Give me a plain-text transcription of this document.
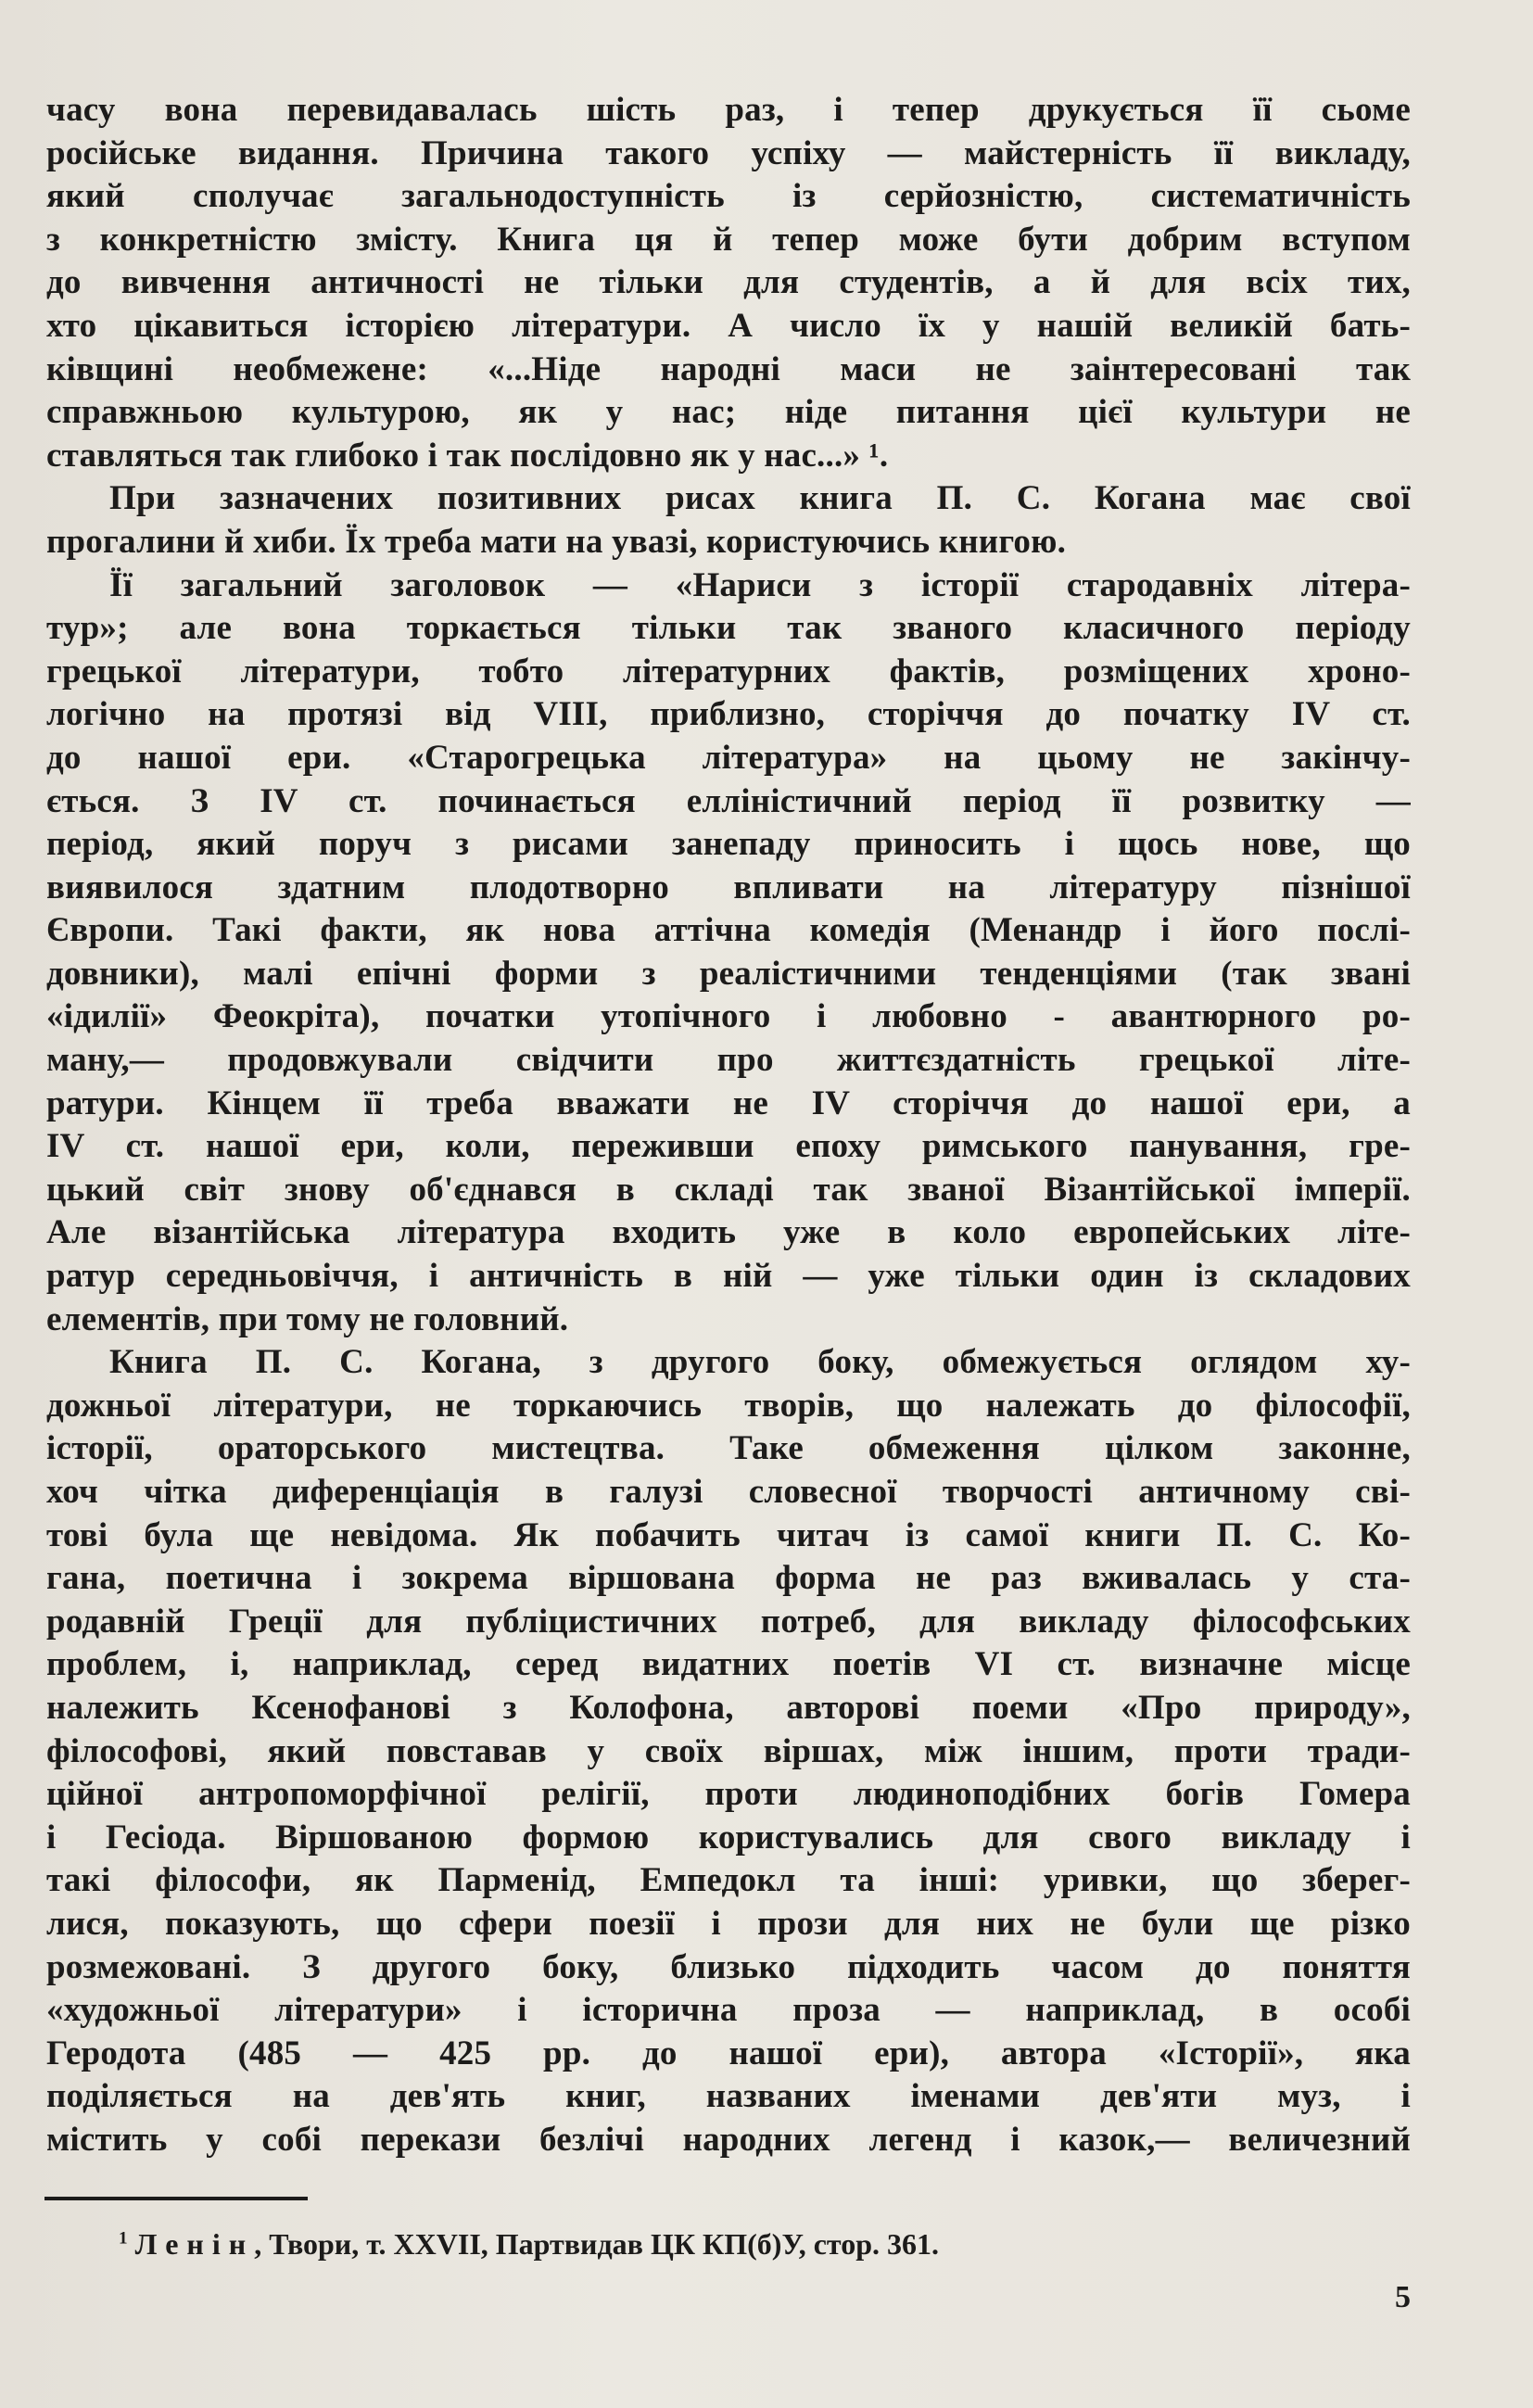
часу вона перевидавалась шість раз, і тепер друкується її сьоме
російське видання. Причина такого успіху — майстерність її викладу,
який сполучає загальнодоступність із серйозністю, систематичність
з конкретністю змісту. Книга ця й тепер може бути добрим вступом
до вивчення античності не тільки для студентів, а й для всіх тих,
хто цікавиться історією літератури. А число їх у нашій великій бать-
ківщині необмежене: «...Ніде народні маси не заінтересовані так
справжньою культурою, як у нас; ніде питання цієї культури не
ставляться так глибоко і так послідовно як у нас...» ¹.
При зазначених позитивних рисах книга П. С. Когана має свої
прогалини й хиби. Їх треба мати на увазі, користуючись книгою.
Її загальний заголовок — «Нариси з історії стародавніх літера-
тур»; але вона торкається тільки так званого класичного періоду
грецької літератури, тобто літературних фактів, розміщених хроно-
логічно на протязі від VIII, приблизно, сторіччя до початку IV ст.
до нашої ери. «Старогрецька література» на цьому не закінчу-
ється. З IV ст. починається елліністичний період її розвитку —
період, який поруч з рисами занепаду приносить і щось нове, що
виявилося здатним плодотворно впливати на літературу пізнішої
Європи. Такі факти, як нова аттічна комедія (Менандр і його послі-
довники), малі епічні форми з реалістичними тенденціями (так звані
«ідилії» Феокріта), початки утопічного і любовно - авантюрного ро-
ману,— продовжували свідчити про життєздатність грецької літе-
ратури. Кінцем її треба вважати не IV сторіччя до нашої ери, а
IV ст. нашої ери, коли, переживши епоху римського панування, гре-
цький світ знову об'єднався в складі так званої Візантійської імперії.
Але візантійська література входить уже в коло европейських літе-
ратур середньовіччя, і античність в ній — уже тільки один із складових
елементів, при тому не головний.
Книга П. С. Когана, з другого боку, обмежується оглядом ху-
дожньої літератури, не торкаючись творів, що належать до філософії,
історії, ораторського мистецтва. Таке обмеження цілком законне,
хоч чітка диференціація в галузі словесної творчості античному сві-
тові була ще невідома. Як побачить читач із самої книги П. С. Ко-
гана, поетична і зокрема віршована форма не раз вживалась у ста-
родавній Греції для публіцистичних потреб, для викладу філософських
проблем, і, наприклад, серед видатних поетів VI ст. визначне місце
належить Ксенофанові з Колофона, авторові поеми «Про природу»,
філософові, який повставав у своїх віршах, між іншим, проти тради-
ційної антропоморфічної релігії, проти людиноподібних богів Гомера
і Гесіода. Віршованою формою користувались для свого викладу і
такі філософи, як Парменід, Емпедокл та інші: уривки, що зберег-
лися, показують, що сфери поезії і прози для них не були ще різко
розмежовані. З другого боку, близько підходить часом до поняття
«художньої літератури» і історична проза — наприклад, в особі
Геродота (485 — 425 рр. до нашої ери), автора «Історії», яка
поділяється на дев'ять книг, названих іменами дев'яти муз, і
містить у собі перекази безлічі народних легенд і казок,— величезний
$^1$ Ленін, Твори, т. XXVII, Партвидав ЦК КП(б)У, стор. 361.
5
